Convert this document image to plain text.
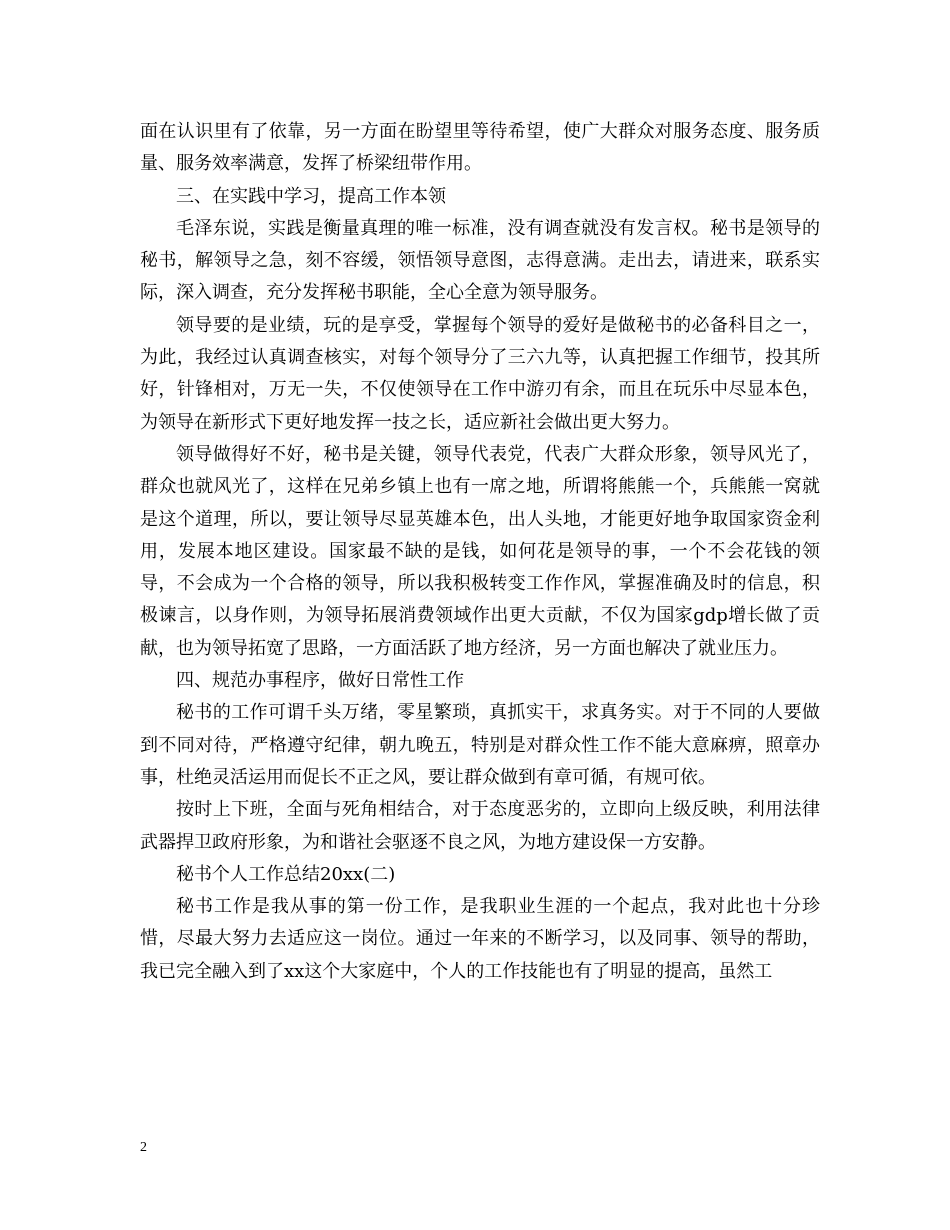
面在认识里有了依靠，另一方面在盼望里等待希望，使广大群众对服务态度、服务质量、服务效率满意，发挥了桥梁纽带作用。

三、在实践中学习，提高工作本领

毛泽东说，实践是衡量真理的唯一标准，没有调查就没有发言权。秘书是领导的秘书，解领导之急，刻不容缓，领悟领导意图，志得意满。走出去，请进来，联系实际，深入调查，充分发挥秘书职能，全心全意为领导服务。

领导要的是业绩，玩的是享受，掌握每个领导的爱好是做秘书的必备科目之一，为此，我经过认真调查核实，对每个领导分了三六九等，认真把握工作细节，投其所好，针锋相对，万无一失，不仅使领导在工作中游刃有余，而且在玩乐中尽显本色，为领导在新形式下更好地发挥一技之长，适应新社会做出更大努力。

领导做得好不好，秘书是关键，领导代表党，代表广大群众形象，领导风光了，群众也就风光了，这样在兄弟乡镇上也有一席之地，所谓将熊熊一个，兵熊熊一窝就是这个道理，所以，要让领导尽显英雄本色，出人头地，才能更好地争取国家资金利用，发展本地区建设。国家最不缺的是钱，如何花是领导的事，一个不会花钱的领导，不会成为一个合格的领导，所以我积极转变工作作风，掌握准确及时的信息，积极谏言，以身作则，为领导拓展消费领域作出更大贡献，不仅为国家gdp增长做了贡献，也为领导拓宽了思路，一方面活跃了地方经济，另一方面也解决了就业压力。

四、规范办事程序，做好日常性工作

秘书的工作可谓千头万绪，零星繁琐，真抓实干，求真务实。对于不同的人要做到不同对待，严格遵守纪律，朝九晚五，特别是对群众性工作不能大意麻痹，照章办事，杜绝灵活运用而促长不正之风，要让群众做到有章可循，有规可依。

按时上下班，全面与死角相结合，对于态度恶劣的，立即向上级反映，利用法律武器捍卫政府形象，为和谐社会驱逐不良之风，为地方建设保一方安静。

秘书个人工作总结20xx(二)

秘书工作是我从事的第一份工作，是我职业生涯的一个起点，我对此也十分珍惜，尽最大努力去适应这一岗位。通过一年来的不断学习，以及同事、领导的帮助，我已完全融入到了xx这个大家庭中，个人的工作技能也有了明显的提高，虽然工

2
